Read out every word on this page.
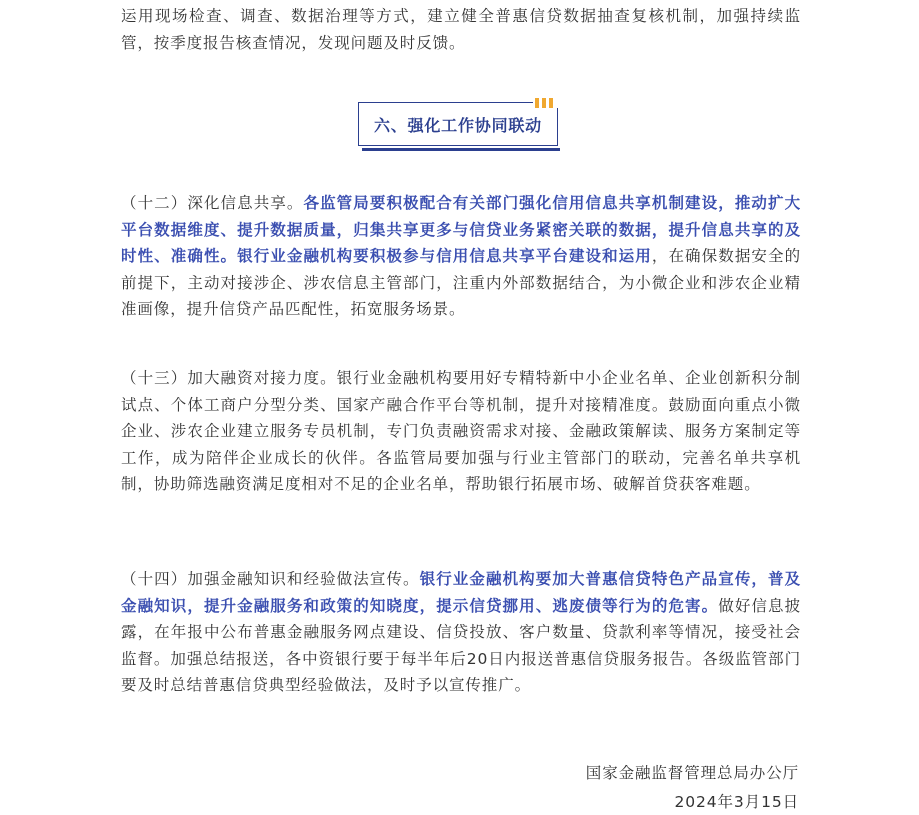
运用现场检查、调查、数据治理等方式，建立健全普惠信贷数据抽查复核机制，加强持续监管，按季度报告核查情况，发现问题及时反馈。

六、强化工作协同联动

（十二）深化信息共享。各监管局要积极配合有关部门强化信用信息共享机制建设，推动扩大平台数据维度、提升数据质量，归集共享更多与信贷业务紧密关联的数据，提升信息共享的及时性、准确性。银行业金融机构要积极参与信用信息共享平台建设和运用，在确保数据安全的前提下，主动对接涉企、涉农信息主管部门，注重内外部数据结合，为小微企业和涉农企业精准画像，提升信贷产品匹配性，拓宽服务场景。

（十三）加大融资对接力度。银行业金融机构要用好专精特新中小企业名单、企业创新积分制试点、个体工商户分型分类、国家产融合作平台等机制，提升对接精准度。鼓励面向重点小微企业、涉农企业建立服务专员机制，专门负责融资需求对接、金融政策解读、服务方案制定等工作，成为陪伴企业成长的伙伴。各监管局要加强与行业主管部门的联动，完善名单共享机制，协助筛选融资满足度相对不足的企业名单，帮助银行拓展市场、破解首贷获客难题。

（十四）加强金融知识和经验做法宣传。银行业金融机构要加大普惠信贷特色产品宣传，普及金融知识，提升金融服务和政策的知晓度，提示信贷挪用、逃废债等行为的危害。做好信息披露，在年报中公布普惠金融服务网点建设、信贷投放、客户数量、贷款利率等情况，接受社会监督。加强总结报送，各中资银行要于每半年后20日内报送普惠信贷服务报告。各级监管部门要及时总结普惠信贷典型经验做法，及时予以宣传推广。

国家金融监督管理总局办公厅
2024年3月15日
